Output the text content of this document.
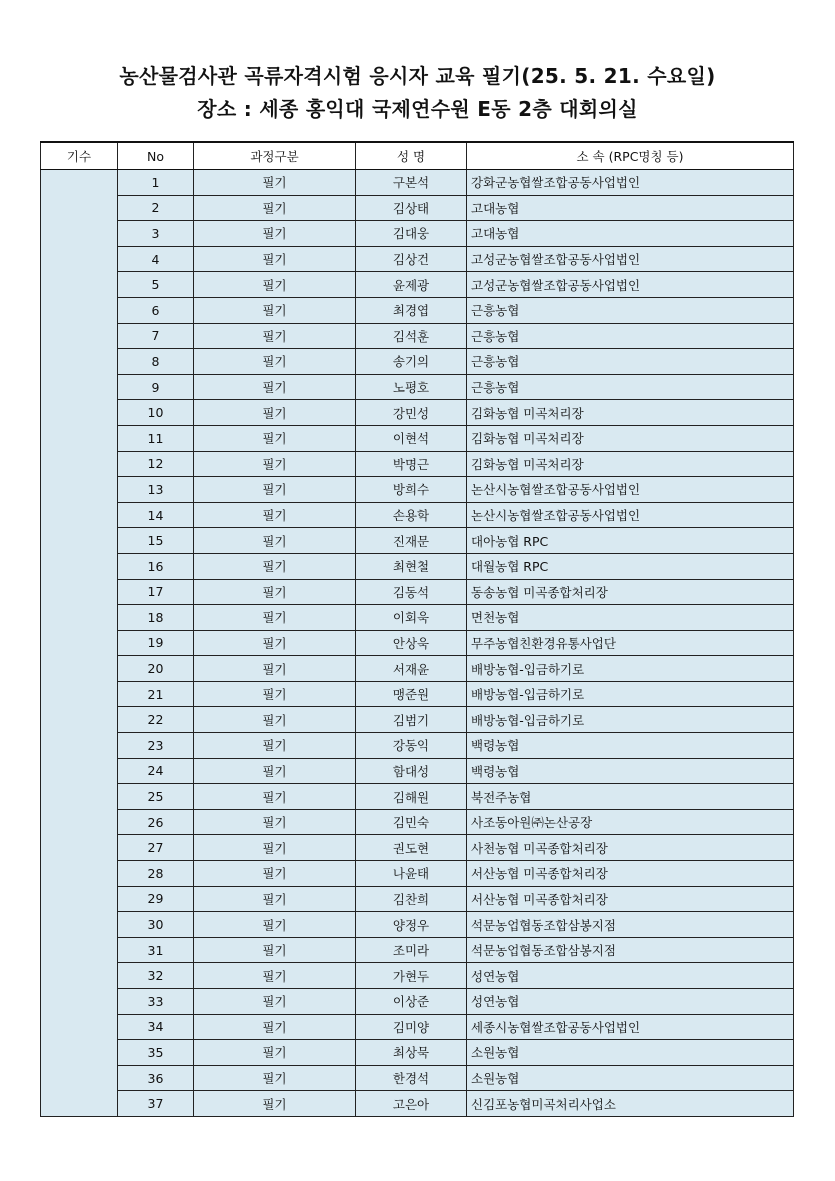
농산물검사관 곡류자격시험 응시자 교육 필기(25. 5. 21. 수요일)
장소 : 세종 홍익대 국제연수원 E동 2층 대회의실
기수	No	과정구분	성 명	소 속 (RPC명칭 등)
	1	필기	구본석	강화군농협쌀조합공동사업법인
	2	필기	김상태	고대농협
	3	필기	김대웅	고대농협
	4	필기	김상건	고성군농협쌀조합공동사업법인
	5	필기	윤제광	고성군농협쌀조합공동사업법인
	6	필기	최경엽	근흥농협
	7	필기	김석훈	근흥농협
	8	필기	송기의	근흥농협
	9	필기	노평호	근흥농협
	10	필기	강민성	김화농협 미곡처리장
	11	필기	이현석	김화농협 미곡처리장
	12	필기	박명근	김화농협 미곡처리장
	13	필기	방희수	논산시농협쌀조합공동사업법인
	14	필기	손용학	논산시농협쌀조합공동사업법인
	15	필기	진재문	대아농협 RPC
	16	필기	최현철	대월농협 RPC
	17	필기	김동석	동송농협 미곡종합처리장
	18	필기	이회욱	면천농협
	19	필기	안상욱	무주농협친환경유통사업단
	20	필기	서재윤	배방농협-입금하기로
	21	필기	맹준원	배방농협-입금하기로
	22	필기	김범기	배방농협-입금하기로
	23	필기	강동익	백령농협
	24	필기	함대성	백령농협
	25	필기	김해원	북전주농협
	26	필기	김민숙	사조동아원㈜논산공장
	27	필기	권도현	사천농협 미곡종합처리장
	28	필기	나윤태	서산농협 미곡종합처리장
	29	필기	김찬희	서산농협 미곡종합처리장
	30	필기	양정우	석문농업협동조합삼봉지점
	31	필기	조미라	석문농업협동조합삼봉지점
	32	필기	가현두	성연농협
	33	필기	이상준	성연농협
	34	필기	김미양	세종시농협쌀조합공동사업법인
	35	필기	최상묵	소원농협
	36	필기	한경석	소원농협
	37	필기	고은아	신김포농협미곡처리사업소
